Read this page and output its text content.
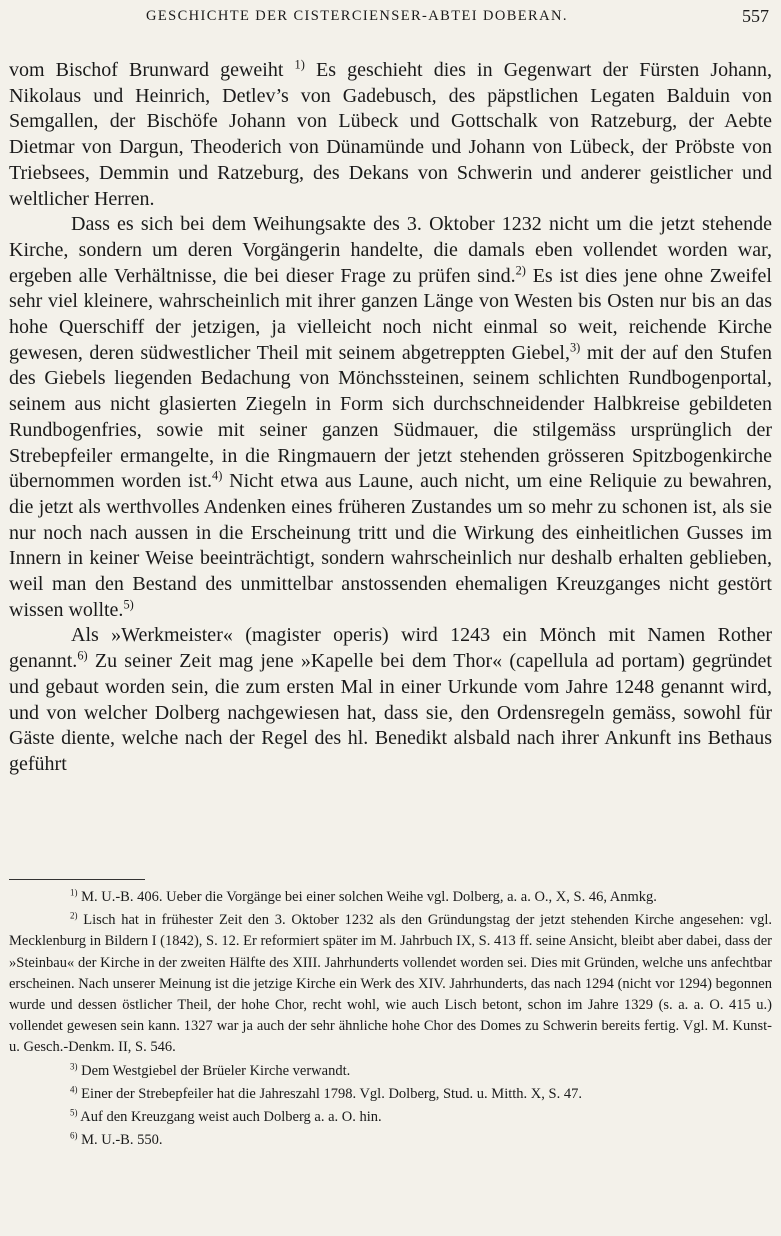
GESCHICHTE DER CISTERCIENSER-ABTEI DOBERAN.	557

vom Bischof Brunward geweiht $^{1)}$ Es geschieht dies in Gegenwart der Fürsten Johann, Nikolaus und Heinrich, Detlev’s von Gadebusch, des päpstlichen Legaten Balduin von Semgallen, der Bischöfe Johann von Lübeck und Gottschalk von Ratzeburg, der Aebte Dietmar von Dargun, Theoderich von Dünamünde und Johann von Lübeck, der Pröbste von Triebsees, Demmin und Ratzeburg, des Dekans von Schwerin und anderer geistlicher und weltlicher Herren.

Dass es sich bei dem Weihungsakte des 3. Oktober 1232 nicht um die jetzt stehende Kirche, sondern um deren Vorgängerin handelte, die damals eben vollendet worden war, ergeben alle Verhältnisse, die bei dieser Frage zu prüfen sind.$^{2)}$ Es ist dies jene ohne Zweifel sehr viel kleinere, wahrscheinlich mit ihrer ganzen Länge von Westen bis Osten nur bis an das hohe Querschiff der jetzigen, ja vielleicht noch nicht einmal so weit, reichende Kirche gewesen, deren südwestlicher Theil mit seinem abgetreppten Giebel,$^{3)}$ mit der auf den Stufen des Giebels liegenden Bedachung von Mönchssteinen, seinem schlichten Rundbogenportal, seinem aus nicht glasierten Ziegeln in Form sich durchschneidender Halbkreise gebildeten Rundbogenfries, sowie mit seiner ganzen Südmauer, die stilgemäss ursprünglich der Strebepfeiler ermangelte, in die Ringmauern der jetzt stehenden grösseren Spitzbogenkirche übernommen worden ist.$^{4)}$ Nicht etwa aus Laune, auch nicht, um eine Reliquie zu bewahren, die jetzt als werthvolles Andenken eines früheren Zustandes um so mehr zu schonen ist, als sie nur noch nach aussen in die Erscheinung tritt und die Wirkung des einheitlichen Gusses im Innern in keiner Weise beeinträchtigt, sondern wahrscheinlich nur deshalb erhalten geblieben, weil man den Bestand des unmittelbar anstossenden ehemaligen Kreuzganges nicht gestört wissen wollte.$^{5)}$

Als »Werkmeister« (magister operis) wird 1243 ein Mönch mit Namen Rother genannt.$^{6)}$ Zu seiner Zeit mag jene »Kapelle bei dem Thor« (capellula ad portam) gegründet und gebaut worden sein, die zum ersten Mal in einer Urkunde vom Jahre 1248 genannt wird, und von welcher Dolberg nachgewiesen hat, dass sie, den Ordensregeln gemäss, sowohl für Gäste diente, welche nach der Regel des hl. Benedikt alsbald nach ihrer Ankunft ins Bethaus geführt

$^{1)}$ M. U.-B. 406. Ueber die Vorgänge bei einer solchen Weihe vgl. Dolberg, a. a. O., X, S. 46, Anmkg.

$^{2)}$ Lisch hat in frühester Zeit den 3. Oktober 1232 als den Gründungstag der jetzt stehenden Kirche angesehen: vgl. Mecklenburg in Bildern I (1842), S. 12. Er reformiert später im M. Jahrbuch IX, S. 413 ff. seine Ansicht, bleibt aber dabei, dass der »Steinbau« der Kirche in der zweiten Hälfte des XIII. Jahrhunderts vollendet worden sei. Dies mit Gründen, welche uns anfechtbar erscheinen. Nach unserer Meinung ist die jetzige Kirche ein Werk des XIV. Jahrhunderts, das nach 1294 (nicht vor 1294) begonnen wurde und dessen östlicher Theil, der hohe Chor, recht wohl, wie auch Lisch betont, schon im Jahre 1329 (s. a. a. O. 415 u.) vollendet gewesen sein kann. 1327 war ja auch der sehr ähnliche hohe Chor des Domes zu Schwerin bereits fertig. Vgl. M. Kunst- u. Gesch.-Denkm. II, S. 546.

$^{3)}$ Dem Westgiebel der Brüeler Kirche verwandt.

$^{4)}$ Einer der Strebepfeiler hat die Jahreszahl 1798. Vgl. Dolberg, Stud. u. Mitth. X, S. 47.

$^{5)}$ Auf den Kreuzgang weist auch Dolberg a. a. O. hin.

$^{6)}$ M. U.-B. 550.
